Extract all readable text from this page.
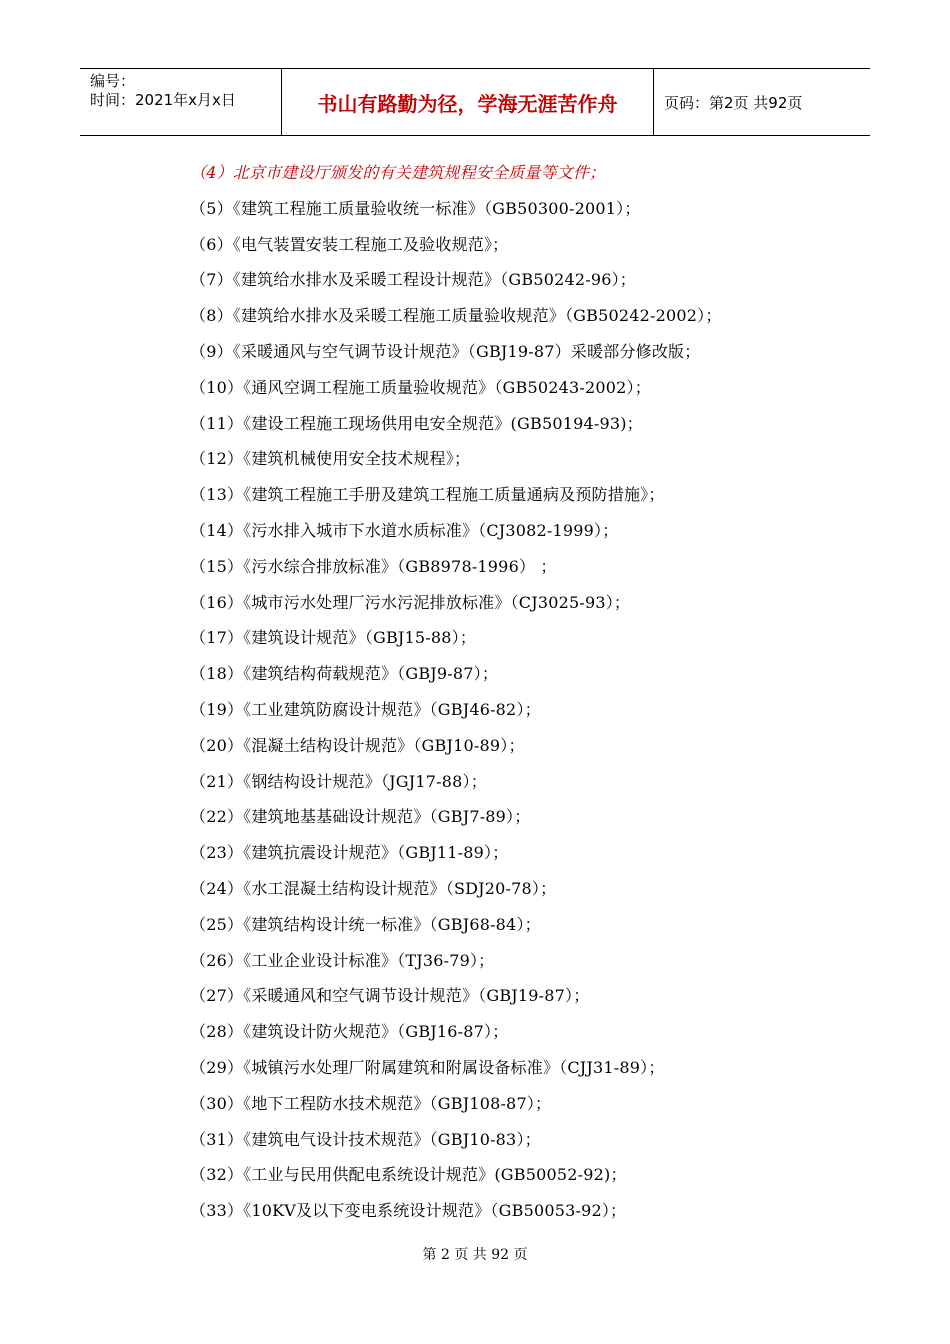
编号：
时间：2021年x月x日	书山有路勤为径，学海无涯苦作舟	页码：第2页 共92页
（4）北京市建设厅颁发的有关建筑规程安全质量等文件；
（5）《建筑工程施工质量验收统一标准》（GB50300-2001）；
（6）《电气装置安装工程施工及验收规范》；
（7）《建筑给水排水及采暖工程设计规范》（GB50242-96）；
（8）《建筑给水排水及采暖工程施工质量验收规范》（GB50242-2002）；
（9）《采暖通风与空气调节设计规范》（GBJ19-87）采暖部分修改版；
（10）《通风空调工程施工质量验收规范》（GB50243-2002）；
（11）《建设工程施工现场供用电安全规范》(GB50194-93)；
（12）《建筑机械使用安全技术规程》；
（13）《建筑工程施工手册及建筑工程施工质量通病及预防措施》；
（14）《污水排入城市下水道水质标准》（CJ3082-1999）；
（15）《污水综合排放标准》（GB8978-1996） ；
（16）《城市污水处理厂污水污泥排放标准》（CJ3025-93）；
（17）《建筑设计规范》（GBJ15-88）；
（18）《建筑结构荷载规范》（GBJ9-87）；
（19）《工业建筑防腐设计规范》（GBJ46-82）；
（20）《混凝土结构设计规范》（GBJ10-89）；
（21）《钢结构设计规范》（JGJ17-88）；
（22）《建筑地基基础设计规范》（GBJ7-89）；
（23）《建筑抗震设计规范》（GBJ11-89）；
（24）《水工混凝土结构设计规范》（SDJ20-78）；
（25）《建筑结构设计统一标准》（GBJ68-84）；
（26）《工业企业设计标准》（TJ36-79）；
（27）《采暖通风和空气调节设计规范》（GBJ19-87）；
（28）《建筑设计防火规范》（GBJ16-87）；
（29）《城镇污水处理厂附属建筑和附属设备标准》（CJJ31-89）；
（30）《地下工程防水技术规范》（GBJ108-87）；
（31）《建筑电气设计技术规范》（GBJ10-83）；
（32）《工业与民用供配电系统设计规范》(GB50052-92)；
（33）《10KV及以下变电系统设计规范》（GB50053-92）；
第 2 页 共 92 页
